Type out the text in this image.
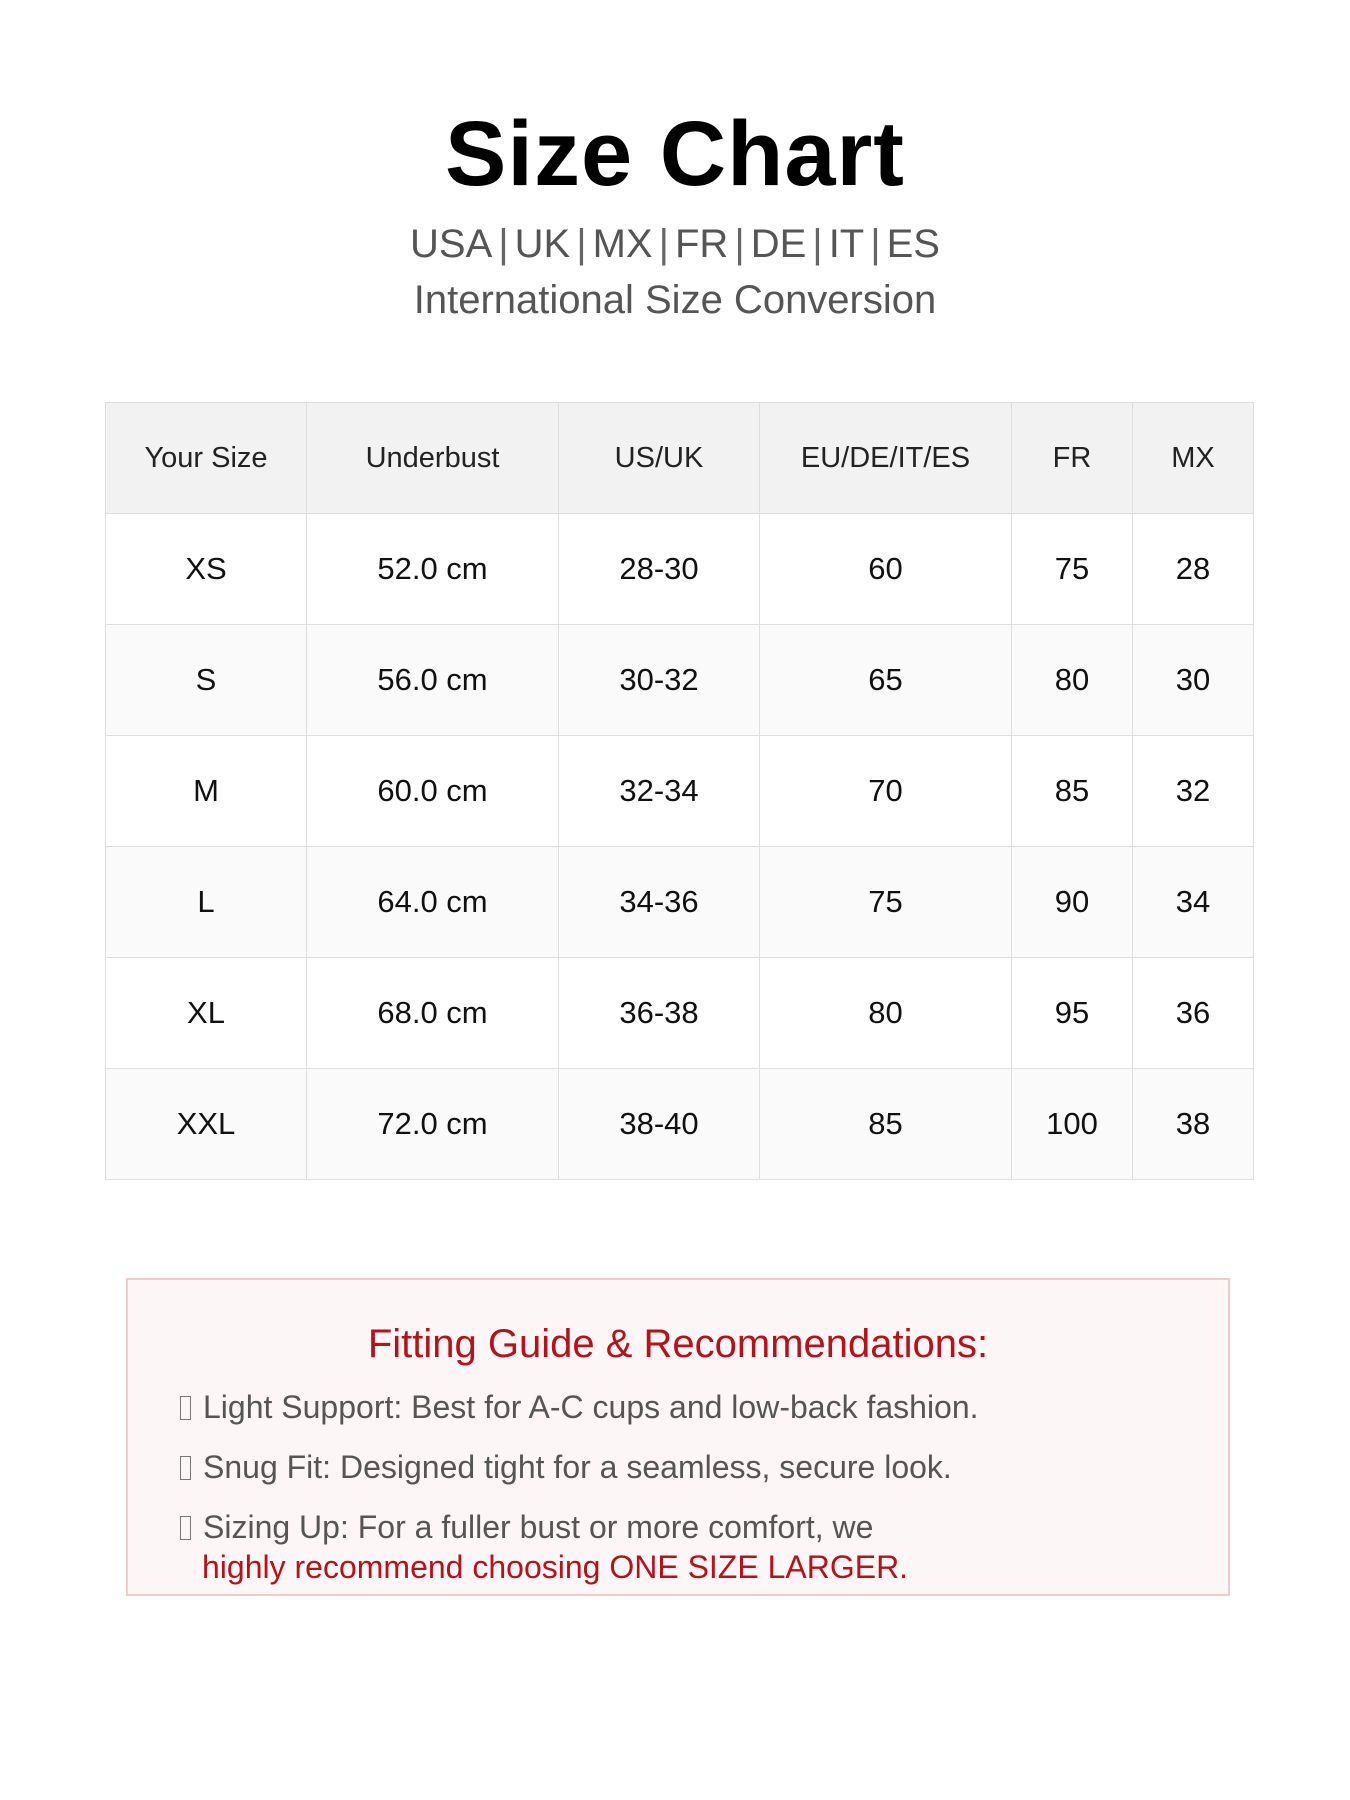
Size Chart
USA | UK | MX | FR | DE | IT | ES
International Size Conversion
Your Size	Underbust	US/UK	EU/DE/IT/ES	FR	MX
XS	52.0 cm	28-30	60	75	28
S	56.0 cm	30-32	65	80	30
M	60.0 cm	32-34	70	85	32
L	64.0 cm	34-36	75	90	34
XL	68.0 cm	36-38	80	95	36
XXL	72.0 cm	38-40	85	100	38
Fitting Guide & Recommendations:
Light Support: Best for A-C cups and low-back fashion.
Snug Fit: Designed tight for a seamless, secure look.
Sizing Up: For a fuller bust or more comfort, we
highly recommend choosing ONE SIZE LARGER.
